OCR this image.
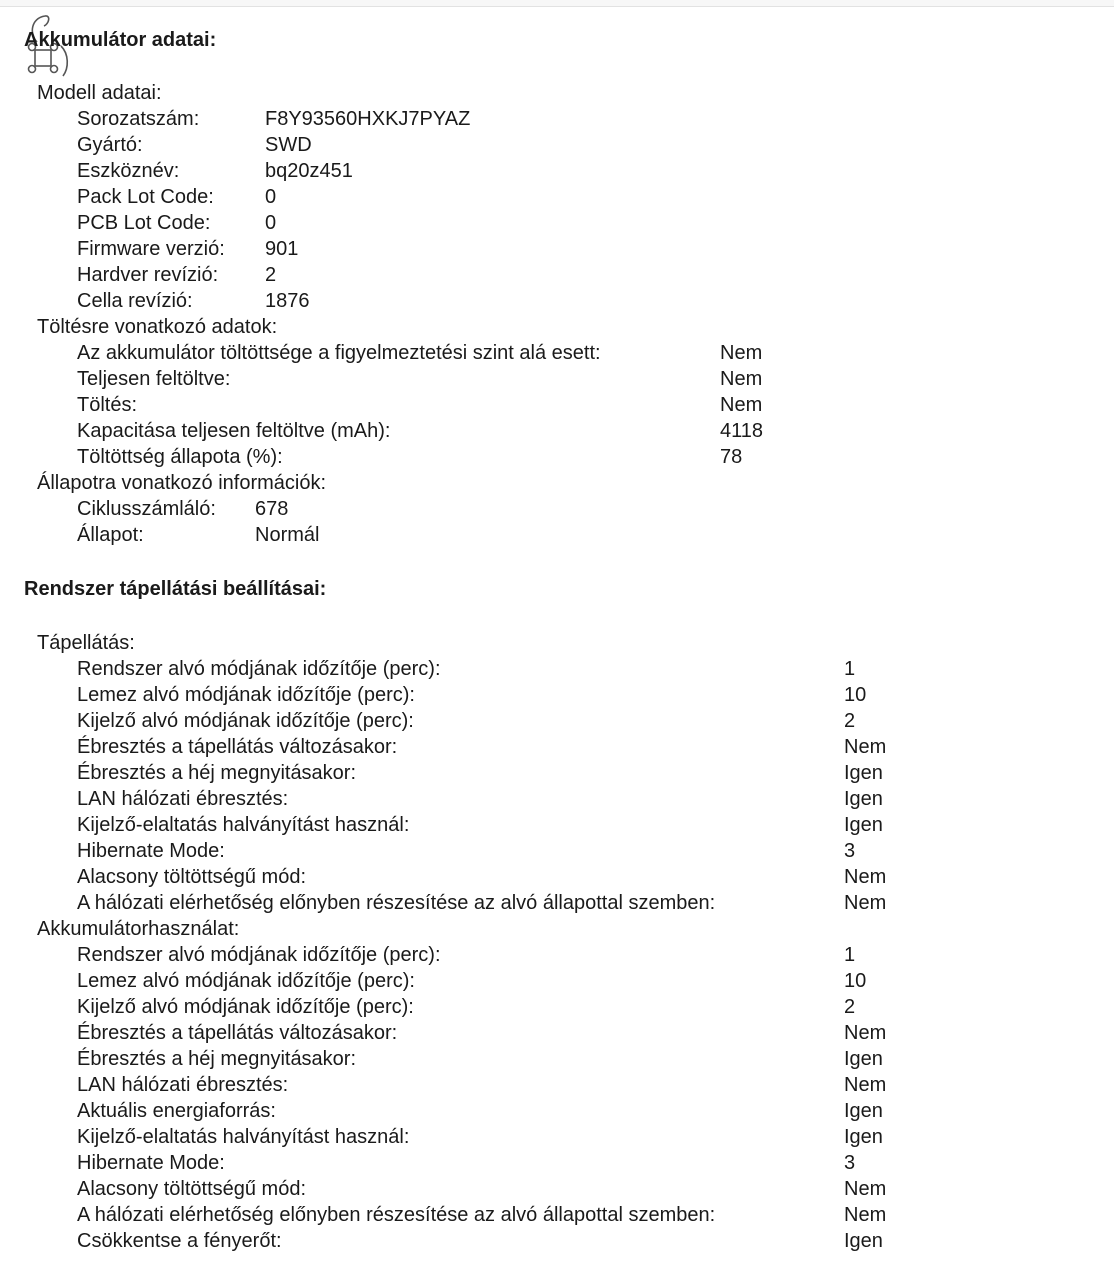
Akkumulátor adatai:
Modell adatai:
Sorozatszám:	F8Y93560HXKJ7PYAZ
Gyártó:	SWD
Eszköznév:	bq20z451
Pack Lot Code:	0
PCB Lot Code:	0
Firmware verzió: 901
Hardver revízió: 2
Cella revízió:	1876
Töltésre vonatkozó adatok:
Az akkumulátor töltöttsége a figyelmeztetési szint alá esett:	Nem
Teljesen feltöltve:	Nem
Töltés:	Nem
Kapacitása teljesen feltöltve (mAh):	4118
Töltöttség állapota (%):	78
Állapotra vonatkozó információk:
Ciklusszámláló: 678
Állapot:	Normál
Rendszer tápellátási beállításai:
Tápellátás:
Rendszer alvó módjának időzítője (perc):	1
Lemez alvó módjának időzítője (perc):	10
Kijelző alvó módjának időzítője (perc):	2
Ébresztés a tápellátás változásakor:	Nem
Ébresztés a héj megnyitásakor:	Igen
LAN hálózati ébresztés:	Igen
Kijelző-elaltatás halványítást használ:	Igen
Hibernate Mode:	3
Alacsony töltöttségű mód:	Nem
A hálózati elérhetőség előnyben részesítése az alvó állapottal szemben:	Nem
Akkumulátorhasználat:
Rendszer alvó módjának időzítője (perc):	1
Lemez alvó módjának időzítője (perc):	10
Kijelző alvó módjának időzítője (perc):	2
Ébresztés a tápellátás változásakor:	Nem
Ébresztés a héj megnyitásakor:	Igen
LAN hálózati ébresztés:	Nem
Aktuális energiaforrás:	Igen
Kijelző-elaltatás halványítást használ:	Igen
Hibernate Mode:	3
Alacsony töltöttségű mód:	Nem
A hálózati elérhetőség előnyben részesítése az alvó állapottal szemben:	Nem
Csökkentse a fényerőt:	Igen
